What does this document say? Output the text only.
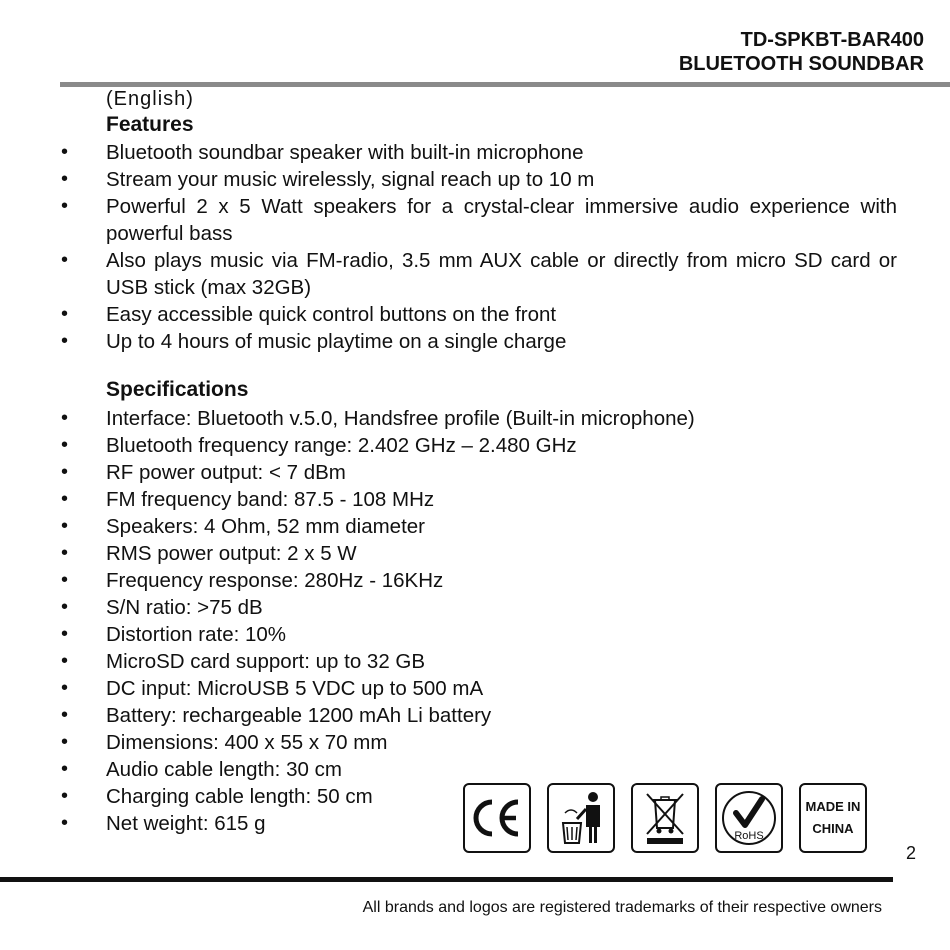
TD-SPKBT-BAR400
BLUETOOTH SOUNDBAR
(English)
Features
• Bluetooth soundbar speaker with built-in microphone
• Stream your music wirelessly, signal reach up to 10 m
• Powerful 2 x 5 Watt speakers for a crystal-clear immersive audio experience with powerful bass
• Also plays music via FM-radio, 3.5 mm AUX cable or directly from micro SD card or USB stick (max 32GB)
• Easy accessible quick control buttons on the front
• Up to 4 hours of music playtime on a single charge
Specifications
• Interface: Bluetooth v.5.0, Handsfree profile (Built-in microphone)
• Bluetooth frequency range: 2.402 GHz – 2.480 GHz
• RF power output: < 7 dBm
• FM frequency band: 87.5 - 108 MHz
• Speakers: 4 Ohm, 52 mm diameter
• RMS power output: 2 x 5 W
• Frequency response: 280Hz - 16KHz
• S/N ratio: >75 dB
• Distortion rate: 10%
• MicroSD card support: up to 32 GB
• DC input: MicroUSB 5 VDC up to 500 mA
• Battery: rechargeable 1200 mAh Li battery
• Dimensions: 400 x 55 x 70 mm
• Audio cable length: 30 cm
• Charging cable length: 50 cm
• Net weight: 615 g
RoHS
MADE IN
CHINA
2
All brands and logos are registered trademarks of their respective owners
